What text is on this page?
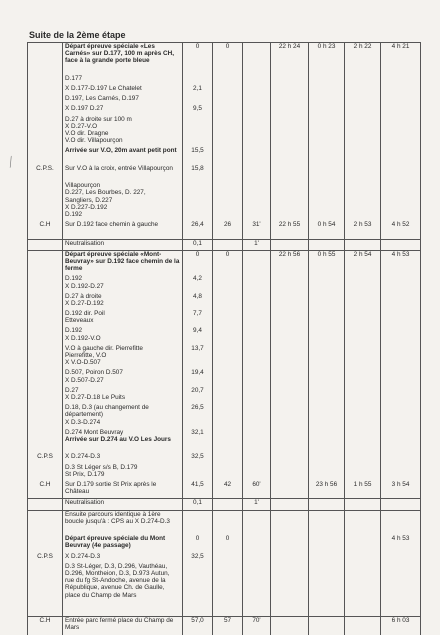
Suite de la 2ème étape
⟋

	Départ épreuve spéciale «Les Carnés» sur D.177, 100 m après CH, face à la grande porte bleue	0	0		22 h 24	0 h 23	2 h 22	4 h 21

	D.177							

	X D.177-D.197 Le Chatelet	2,1						

	D.197, Les Carnés, D.197							

	X D.197 D.27	9,5						

	D.27 à droite sur 100 m
X D.27-V.O
V.O dir. Dragne
V.O dir. Villapourçon							

	Arrivée sur V.O, 20m avant petit pont	15,5						
C.P.S.	Sur V.O à la croix, entrée Villapourçon	15,8						

	Villapourçon
D.227, Les Bourbes, D. 227,
Sangliers, D.227
X D.227-D.192
D.192							

C.H	Sur D.192 face chemin à gauche	26,4	26	31'	22 h 55	0 h 54	2 h 53	4 h 52

	Neutralisation	0,1		1'				

	Départ épreuve spéciale «Mont-Beuvray» sur D.192 face chemin de la ferme	0	0		22 h 56	0 h 55	2 h 54	4 h 53

	D.192
X D.192-D.27	4,2						

	D.27 à droite
X D.27-D.192	4,8						

	D.192 dir. Poil
Etteveaux	7,7						

	D.192
X D.192-V.O	9,4						

	V.O à gauche dir. Pierrefitte
Pierrefitte, V.O
X V.O-D.507	13,7						

	D.507, Poiron D.507
X D.507-D.27	19,4						

	D.27
X D.27-D.18 Le Puits	20,7						

	D.18, D.3 (au changement de département)
X D.3-D.274	26,5						

	D.274 Mont Beuvray
Arrivée sur D.274 au V.O Les Jours	32,1						
C.P.S	X D.274-D.3	32,5						

	D.3 St Léger s/s B, D.179
St Prix, D.179							

C.H	Sur D.179 sortie St Prix après le Château	41,5	42	60'		23 h 56	1 h 55	3 h 54

	Neutralisation	0,1		1'				

	Ensuite parcours identique à 1ère boucle jusqu'à : CPS au X D.274-D.3							

	Départ épreuve spéciale du Mont Beuvray (4e passage)	0	0					4 h 53
C.P.S	X D.274-D.3	32,5						

	D.3 St-Léger, D.3, D.296, Vauthéau, D.296, Montheion, D.3, D.973 Autun, rue du fg St-Andoche, avenue de la République, avenue Ch. de Gaulle, place du Champ de Mars							

C.H	Entrée parc fermé place du Champ de Mars	57,0	57	70'				6 h 03
